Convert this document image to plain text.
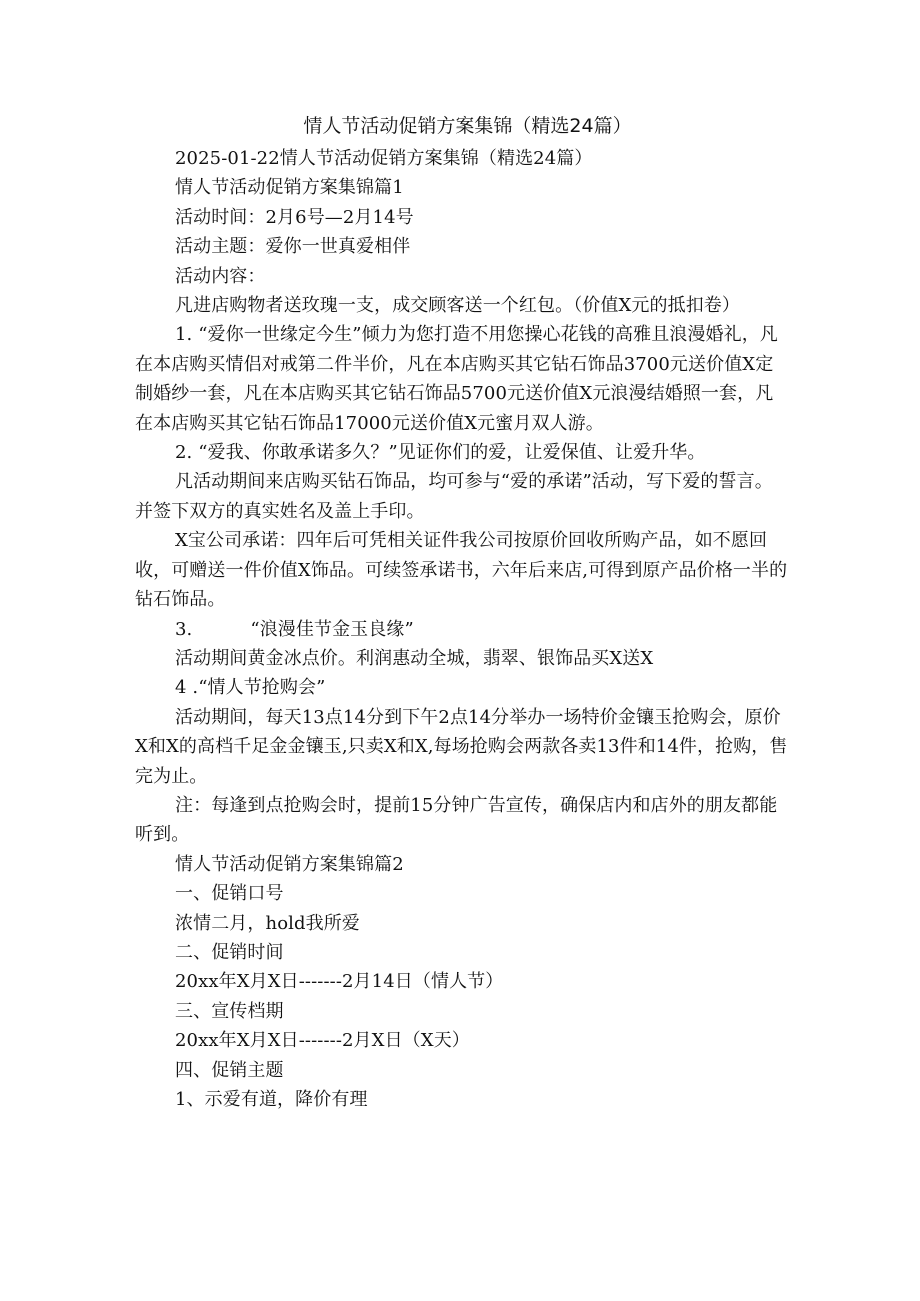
情人节活动促销方案集锦（精选24篇）

2025-01-22情人节活动促销方案集锦（精选24篇）

情人节活动促销方案集锦篇1

活动时间：2月6号—2月14号

活动主题：爱你一世真爱相伴

活动内容：

凡进店购物者送玫瑰一支，成交顾客送一个红包。（价值X元的抵扣卷）

1. “爱你一世缘定今生”倾力为您打造不用您操心花钱的高雅且浪漫婚礼，凡在本店购买情侣对戒第二件半价，凡在本店购买其它钻石饰品3700元送价值X定制婚纱一套，凡在本店购买其它钻石饰品5700元送价值X元浪漫结婚照一套，凡在本店购买其它钻石饰品17000元送价值X元蜜月双人游。

2. “爱我、你敢承诺多久？”见证你们的爱，让爱保值、让爱升华。

凡活动期间来店购买钻石饰品，均可参与“爱的承诺”活动，写下爱的誓言。并签下双方的真实姓名及盖上手印。

X宝公司承诺：四年后可凭相关证件我公司按原价回收所购产品，如不愿回收，可赠送一件价值X饰品。可续签承诺书，六年后来店,可得到原产品价格一半的钻石饰品。

3.	“浪漫佳节金玉良缘”

活动期间黄金冰点价。利润惠动全城，翡翠、银饰品买X送X

4 .“情人节抢购会”

活动期间，每天13点14分到下午2点14分举办一场特价金镶玉抢购会，原价X和X的高档千足金金镶玉,只卖X和X,每场抢购会两款各卖13件和14件，抢购，售完为止。

注：每逢到点抢购会时，提前15分钟广告宣传，确保店内和店外的朋友都能听到。

情人节活动促销方案集锦篇2

一、促销口号

浓情二月，hold我所爱

二、促销时间

20xx年X月X日-------2月14日（情人节）

三、宣传档期

20xx年X月X日-------2月X日（X天）

四、促销主题

1、示爱有道，降价有理
